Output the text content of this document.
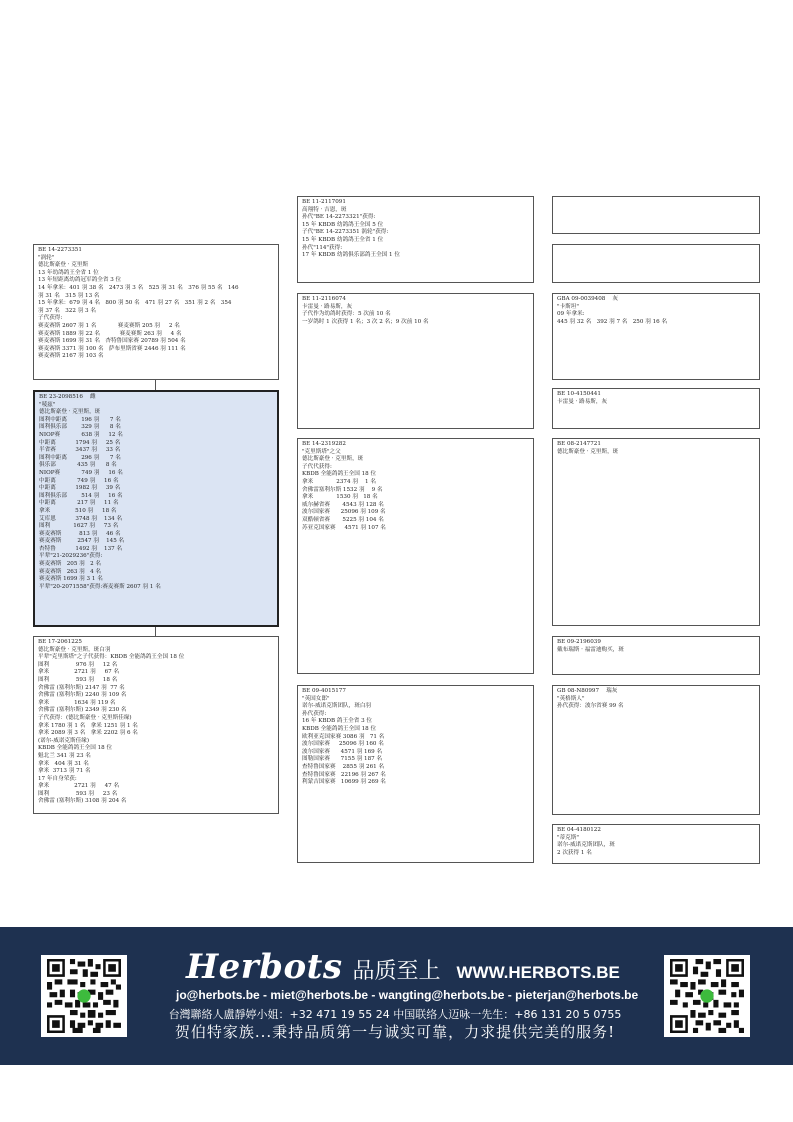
BE 23-2098516    雌
"唛兹"
德比斯豪登 · 克里斯，斑
图利中距离        196 羽      7 名
图利俱乐部        329 羽      8 名
NIOP赛            638 羽     12 名
中距离           1794 羽     25 名
半省赛           3437 羽     33 名
图利中距离        296 羽      7 名
俱乐部            435 羽      8 名
NIOP赛            749 羽     16 名
中距离            749 羽     16 名
中距离           1982 羽     39 名
图利俱乐部        514 羽     16 名
中距离            217 羽     11 名
拿米              510 羽     18 名
艾库恩           3748 羽    134 名
图利             1627 羽     73 名
赛麦赛斯          813 羽     46 名
赛麦赛斯         2547 羽    145 名
杏特鲁           1492 羽    137 名
平辈"21-2029236"获得:
赛麦赛斯   205 羽   2 名
赛麦赛斯   263 羽   4 名
赛麦赛斯 1699 羽 3 1 名
平辈"20-2071558"获得:赛麦赛斯 2607 羽 1 名
BE 14-2273351
"涡轮"
德比斯豪登 · 克里斯
13 年幼鸽鸽王全省 1 位
13 年短距离幼鸽冠军鸽全省 3 位
14 年拿米：401 羽 38 名   2473 羽 3 名   525 羽 31 名   376 羽 55 名   146
羽 31 名   315 羽 13 名
15 年拿米：679 羽 4 名   800 羽 50 名   471 羽 27 名   351 羽 2 名   354
羽 37 名   322 羽 3 名
子代获得:
赛麦赛斯 2607 羽 1 名            赛麦赛斯 205 羽     2 名
赛麦赛斯 1889 羽 22 名           赛麦赛斯 263 羽     4 名
赛麦赛斯 1699 羽 31 名   杏特鲁国家赛 20789 羽 504 名
赛麦赛斯 3371 羽 100 名   萨布里斯省赛 2446 羽 111 名
赛麦赛斯 2167 羽 103 名
BE 17-2061225
德比斯豪登 · 克里斯，斑白羽
平辈"克里斯塔"之子代获得：KBDB 全能鸽鸽王全国 18 位
图利               976 羽     12 名
拿米              2721 羽     67 名
图利               593 羽     18 名
舍佛雷 (塞利尔斯) 2147 羽  77 名
舍佛雷 (塞利尔斯) 2240 羽 109 名
拿米              1634 羽 119 名
舍佛雷 (塞利尔斯) 2349 羽 230 名
子代获得：(德比斯豪登 · 克里斯佳缘)
拿米 1780 羽 1 名   拿米 1251 羽 1 名
拿米 2089 羽 3 名   拿米 2202 羽 6 名
(诺尔-威诺克斯佳缘)
KBDB 全能鸽鸽王全国 18 位
魁北兰 341 羽 23 名
拿米   404 羽 31 名
拿米  3713 羽 71 名
17 年自身荣获:
拿米              2721 羽     47 名
图利               593 羽     23 名
舍佛雷 (塞利尔斯) 3108 羽 204 名
BE 11-2117091
高翔特 · 吉恩，斑
孙代"BE 14-2273321"获得:
15 年 KBDB 幼鸽鸽王全国 5 位
子代"BE 14-2273351 涡轮"获得:
15 年 KBDB 幼鸽鸽王全省 1 位
孙代"114"获得:
17 年 KBDB 幼鸽俱乐部鸽王全国 1 位
BE 11-2116074
卡雷曼 · 路易斯，灰
子代作为幼鸽时获得：5 次前 10 名
一岁鸽时 1 次获得 1 名；3 次 2 名；9 次前 10 名
BE 14-2319282
"克里斯塔"之父
德比斯豪登 · 克里斯，斑
子代代获得:
KBDB 全能鸽鸽王全国 18 位
拿米             2374 羽    1 名
舍佛雷塞利尔斯 1532 羽    9 名
拿米             1530 羽   18 名
威尔赫省赛       4543 羽 128 名
波尔国家赛      25096 羽 109 名
双酷顿省赛       5225 羽 104 名
苏亚克国家赛     4571 羽 107 名
BE 09-4015177
"英国女郎"
诺尔-威诺克斯团队，斑白羽
孙代获得:
16 年 KBDB 鸽王全省 3 位
KBDB 全能鸽鸽王全国 18 位
欧利亚克国家赛 3086 羽   71 名
波尔国家赛     25096 羽 160 名
波尔国家赛      4571 羽 169 名
图勒国家赛      7155 羽 187 名
查特鲁国家赛    2855 羽 261 名
查特鲁国家赛   22196 羽 267 名
利蒙吉国家赛   10699 羽 269 名
GBA 09-0039408    灰
"卡斯坦"
09 年拿米:
445 羽 32 名   392 羽 7 名   250 羽 16 名
BE 10-4150441
卡雷曼 · 路易斯，灰
BE 08-2147721
德比斯豪登 · 克里斯，斑
BE 09-2196039
戴布瑞斯 · 福雷迪购买，斑
GB 08-N80997    瑞灰
"英格斯人"
孙代获得：波尔省赛 99 名
BE 04-4180122
"蒂克斯"
诺尔-威诺克斯团队，斑
2 次获得 1 名
Herbots 品质至上 WWW.HERBOTS.BE
jo@herbots.be - miet@herbots.be - wangting@herbots.be - pieterjan@herbots.be
台灣聯絡人盧靜婷小姐：+32 471 19 55 24 中国联络人迈咏一先生：+86 131 20 5 0755
贺伯特家族...秉持品质第一与诚实可靠，力求提供完美的服务!
